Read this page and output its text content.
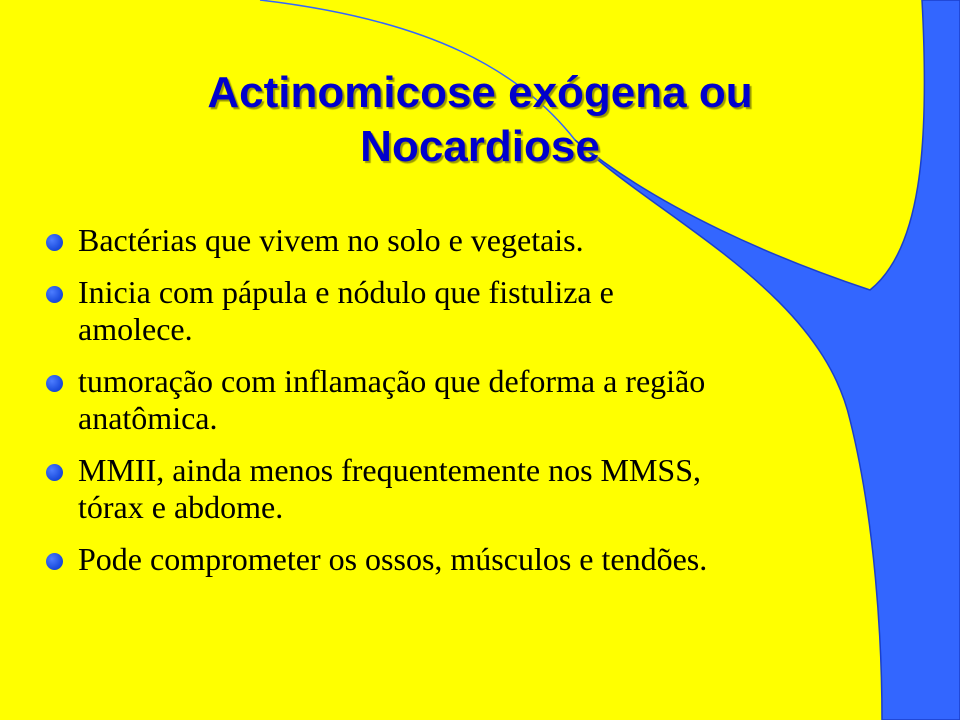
Actinomicose exógena ou
Nocardiose
Bactérias que vivem no solo e vegetais.
Inicia com pápula e nódulo que fistuliza e
amolece.
tumoração com inflamação que deforma a região
anatômica.
MMII, ainda menos frequentemente nos MMSS,
tórax e abdome.
Pode comprometer os ossos, músculos e tendões.
